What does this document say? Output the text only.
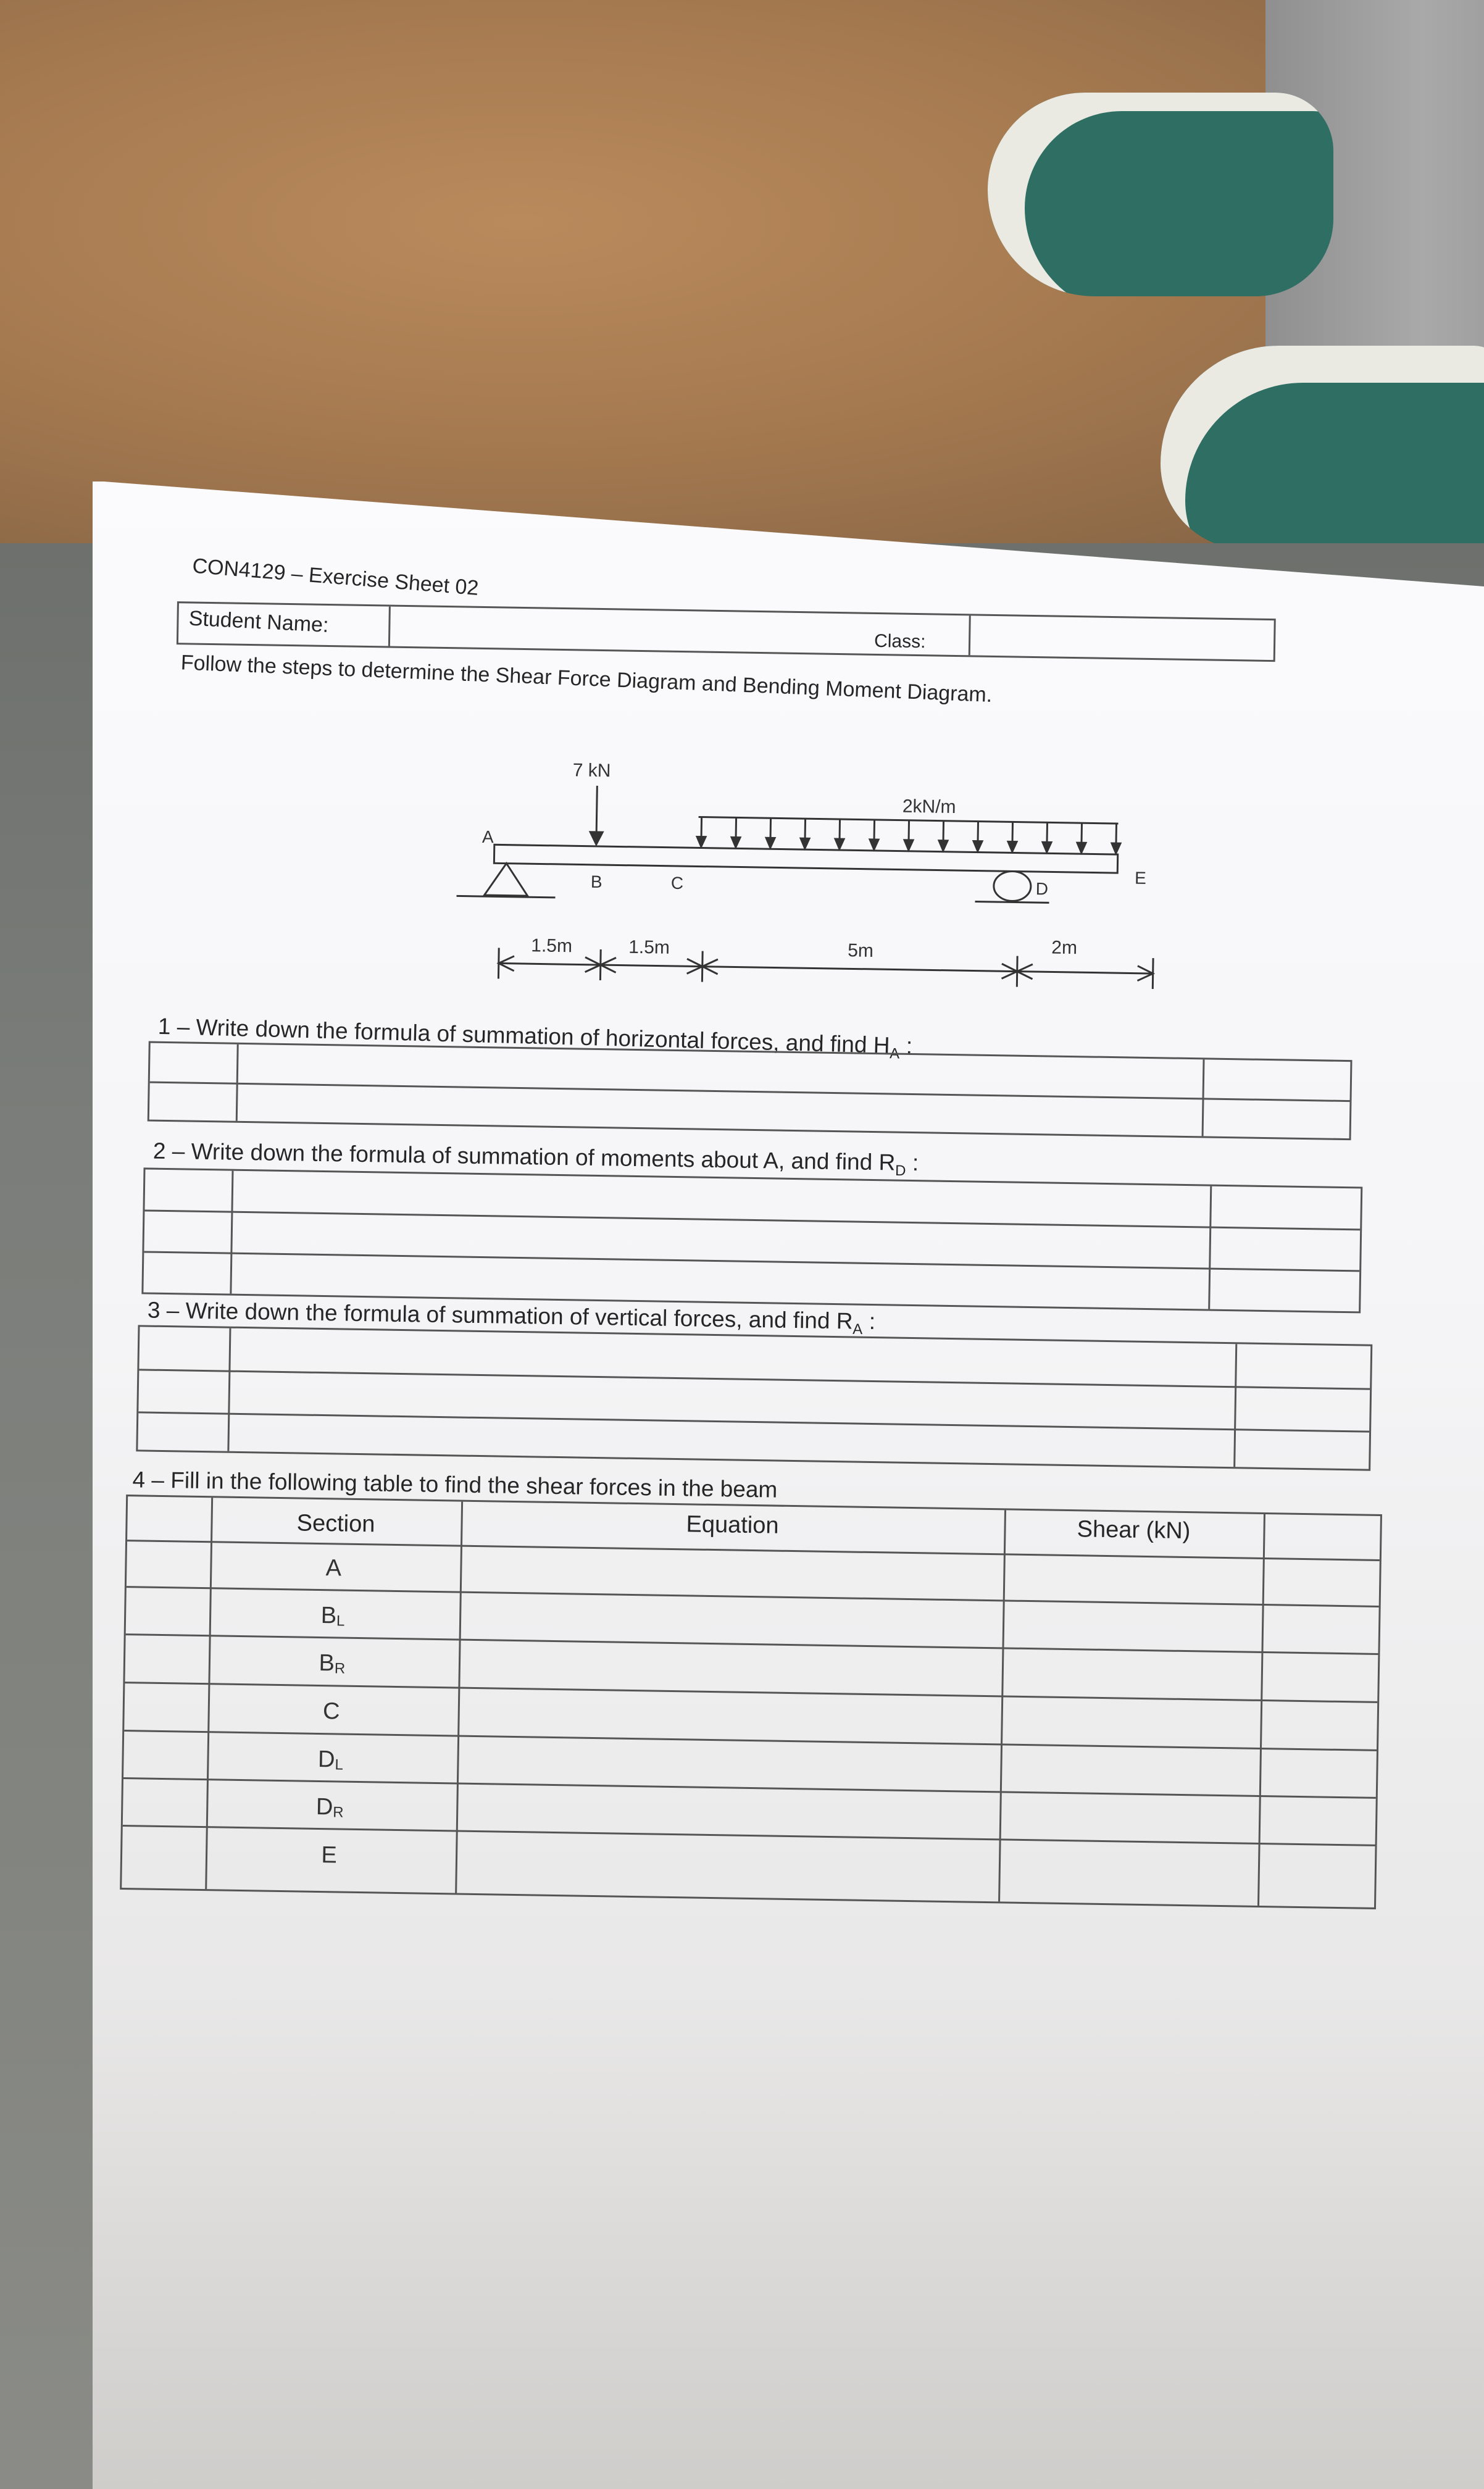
CON4129 – Exercise Sheet 02
Student Name:
Class:
Follow the steps to determine the Shear Force Diagram and Bending Moment Diagram.
7 kN
2kN/m
A
B	C	D
E
1.5m	1.5m	5m	2m
1 – Write down the formula of summation of horizontal forces, and find $H_A$ :
2 – Write down the formula of summation of moments about A, and find $R_D$ :
3 – Write down the formula of summation of vertical forces, and find $R_A$ :
4 – Fill in the following table to find the shear forces in the beam
Section	Equation	Shear (kN)
A
$B_L$
$B_R$
C
$D_L$
$D_R$
E
